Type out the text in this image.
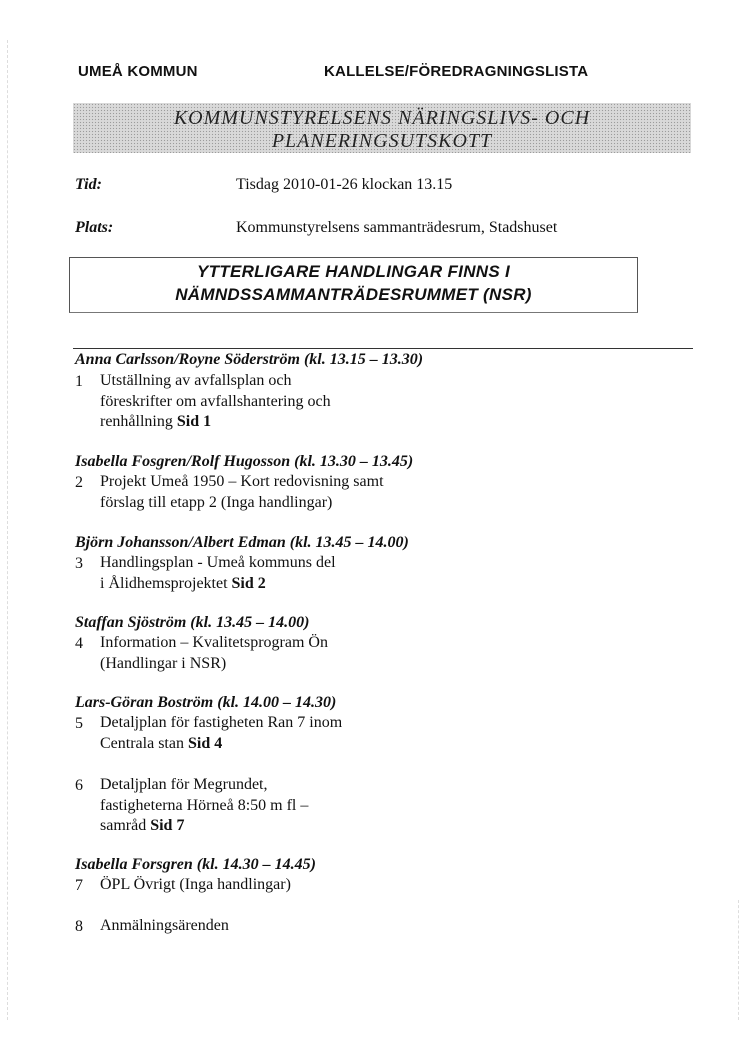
UMEÅ KOMMUN	KALLELSE/FÖREDRAGNINGSLISTA
KOMMUNSTYRELSENS NÄRINGSLIVS- OCH
PLANERINGSUTSKOTT
Tid:	Tisdag 2010-01-26 klockan 13.15
Plats:	Kommunstyrelsens sammanträdesrum, Stadshuset
YTTERLIGARE HANDLINGAR FINNS I
NÄMNDSSAMMANTRÄDESRUMMET (NSR)
Anna Carlsson/Royne Söderström (kl. 13.15 – 13.30)
1 Utställning av avfallsplan och
föreskrifter om avfallshantering och
renhållning Sid 1
Isabella Fosgren/Rolf Hugosson (kl. 13.30 – 13.45)
2 Projekt Umeå 1950 – Kort redovisning samt
förslag till etapp 2 (Inga handlingar)
Björn Johansson/Albert Edman (kl. 13.45 – 14.00)
3 Handlingsplan - Umeå kommuns del
i Ålidhemsprojektet Sid 2
Staffan Sjöström (kl. 13.45 – 14.00)
4 Information – Kvalitetsprogram Ön
(Handlingar i NSR)
Lars-Göran Boström (kl. 14.00 – 14.30)
5 Detaljplan för fastigheten Ran 7 inom
Centrala stan Sid 4
6 Detaljplan för Megrundet,
fastigheterna Hörneå 8:50 m fl –
samråd Sid 7
Isabella Forsgren (kl. 14.30 – 14.45)
7 ÖPL Övrigt (Inga handlingar)
8 Anmälningsärenden
